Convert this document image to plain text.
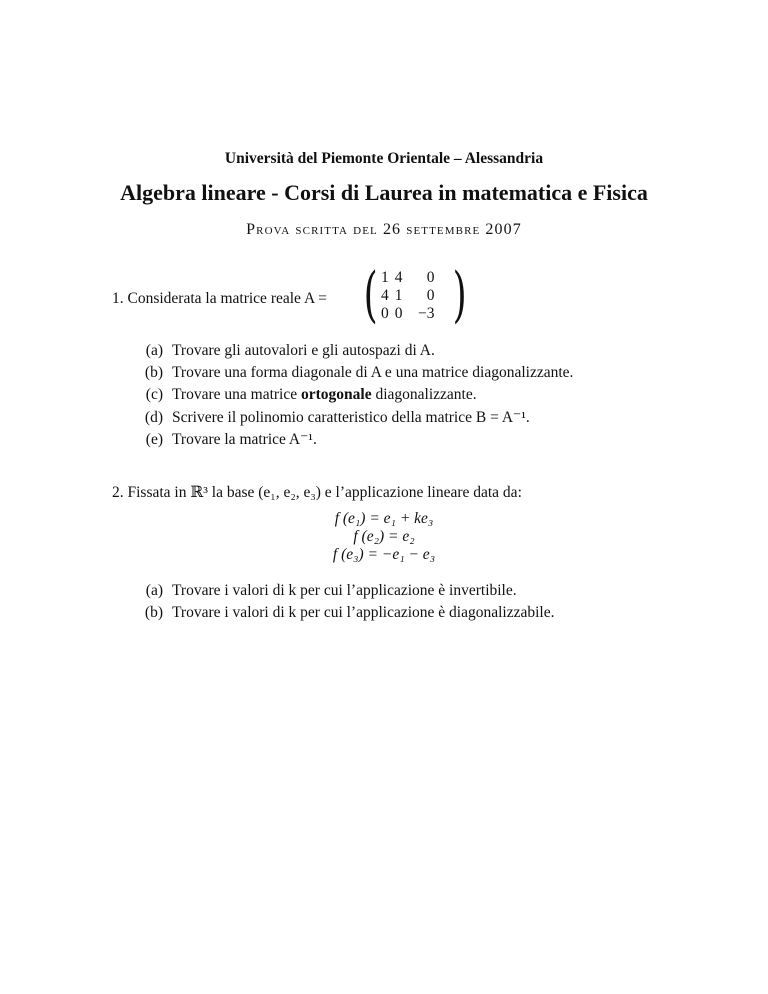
Università del Piemonte Orientale – Alessandria
Algebra lineare - Corsi di Laurea in matematica e Fisica
Prova scritta del 26 settembre 2007
1. Considerata la matrice reale A = ( 1	4	0
4	1	0
0	0	−3 )
(a) Trovare gli autovalori e gli autospazi di A.
(b) Trovare una forma diagonale di A e una matrice diagonalizzante.
(c) Trovare una matrice ortogonale diagonalizzante.
(d) Scrivere il polinomio caratteristico della matrice B = A⁻¹.
(e) Trovare la matrice A⁻¹.
2. Fissata in ℝ³ la base (e₁, e₂, e₃) e l’applicazione lineare data da:
f (e₁) = e₁ + ke₃
f (e₂) = e₂
f (e₃) = −e₁ − e₃
(a) Trovare i valori di k per cui l’applicazione è invertibile.
(b) Trovare i valori di k per cui l’applicazione è diagonalizzabile.
